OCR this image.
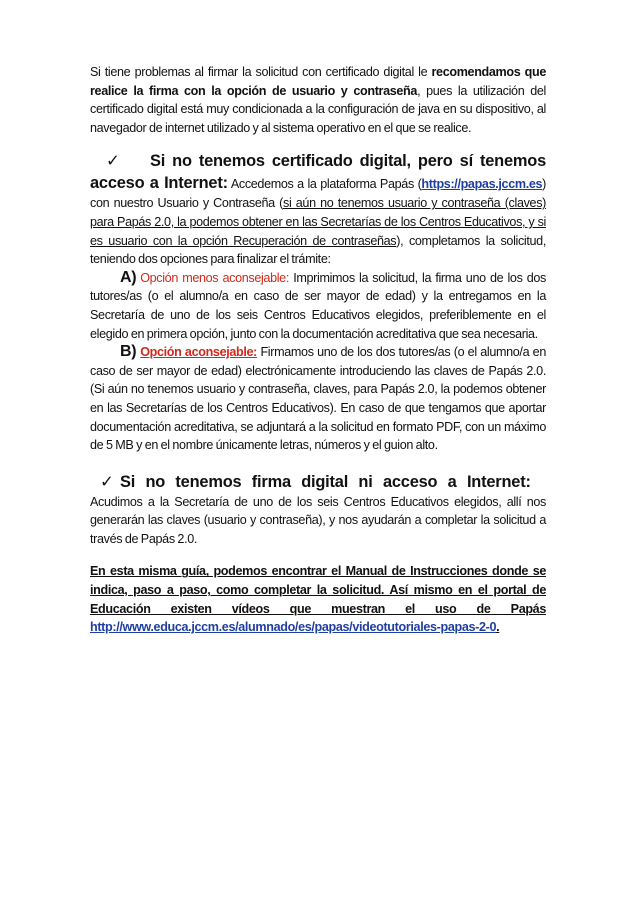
Si tiene problemas al firmar la solicitud con certificado digital le recomendamos que realice la firma con la opción de usuario y contraseña, pues la utilización del certificado digital está muy condicionada a la configuración de java en su dispositivo, al navegador de internet utilizado y al sistema operativo en el que se realice.

✓ Si no tenemos certificado digital, pero sí tenemos acceso a Internet: Accedemos a la plataforma Papás (https://papas.jccm.es) con nuestro Usuario y Contraseña (si aún no tenemos usuario y contraseña (claves) para Papás 2.0, la podemos obtener en las Secretarías de los Centros Educativos, y si es usuario con la opción Recuperación de contraseñas), completamos la solicitud, teniendo dos opciones para finalizar el trámite:

A) Opción menos aconsejable: Imprimimos la solicitud, la firma uno de los dos tutores/as (o el alumno/a en caso de ser mayor de edad) y la entregamos en la Secretaría de uno de los seis Centros Educativos elegidos, preferiblemente en el elegido en primera opción, junto con la documentación acreditativa que sea necesaria.

B) Opción aconsejable: Firmamos uno de los dos tutores/as (o el alumno/a en caso de ser mayor de edad) electrónicamente introduciendo las claves de Papás 2.0. (Si aún no tenemos usuario y contraseña, claves, para Papás 2.0, la podemos obtener en las Secretarías de los Centros Educativos). En caso de que tengamos que aportar documentación acreditativa, se adjuntará a la solicitud en formato PDF, con un máximo de 5 MB y en el nombre únicamente letras, números y el guion alto.

✓ Si no tenemos firma digital ni acceso a Internet:

Acudimos a la Secretaría de uno de los seis Centros Educativos elegidos, allí nos generarán las claves (usuario y contraseña), y nos ayudarán a completar la solicitud a través de Papás 2.0.

En esta misma guía, podemos encontrar el Manual de Instrucciones donde se indica, paso a paso, como completar la solicitud. Así mismo en el portal de Educación existen vídeos que muestran el uso de Papás http://www.educa.jccm.es/alumnado/es/papas/videotutoriales-papas-2-0.
